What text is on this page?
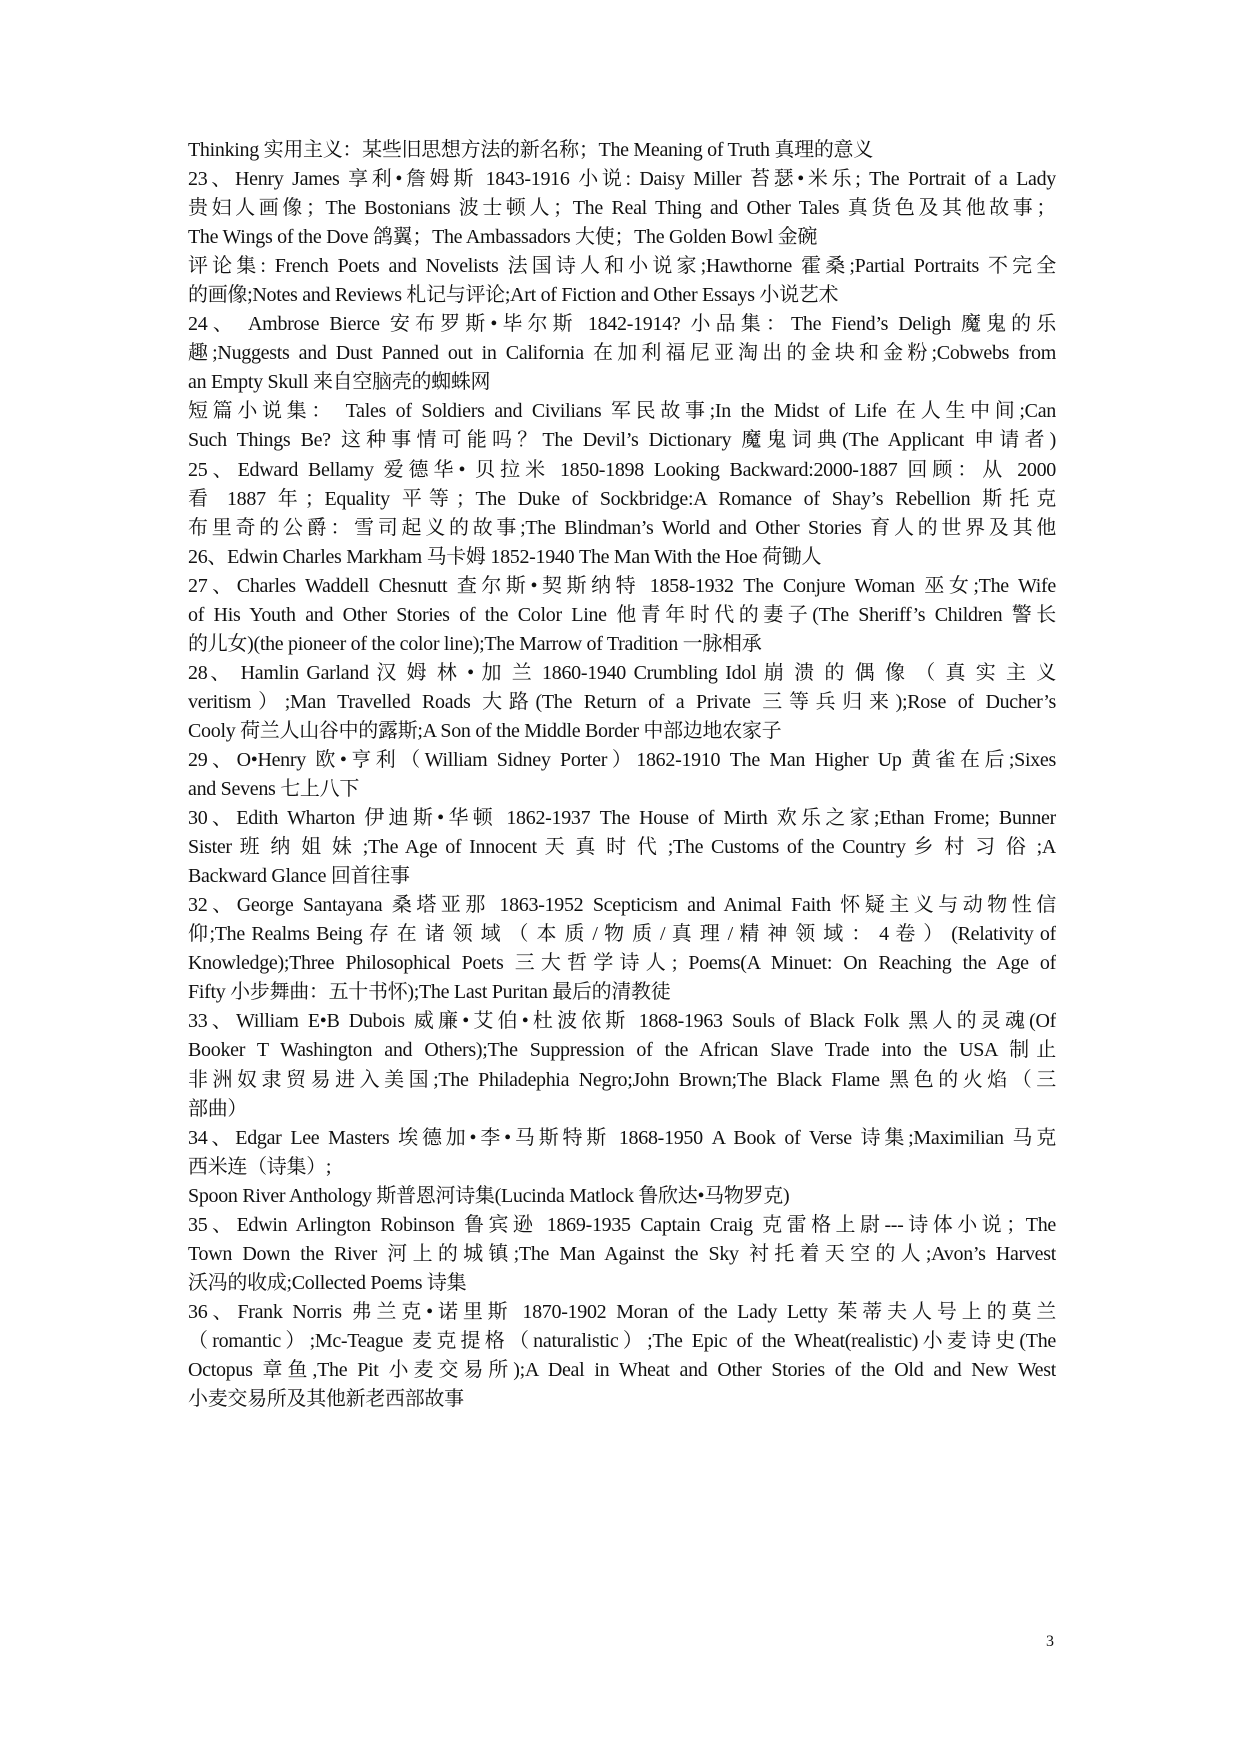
Thinking 实用主义：某些旧思想方法的新名称；The Meaning of Truth 真理的意义
23、Henry James 享利•詹姆斯 1843-1916 小说: Daisy Miller 苔瑟•米乐; The Portrait of a Lady
贵妇人画像；The Bostonians 波士顿人；The Real Thing and Other Tales 真货色及其他故事；
The Wings of the Dove 鸽翼；The Ambassadors 大使；The Golden Bowl 金碗
评论集: French Poets and Novelists 法国诗人和小说家;Hawthorne 霍桑;Partial Portraits 不完全
的画像;Notes and Reviews 札记与评论;Art of Fiction and Other Essays 小说艺术
24、 Ambrose Bierce 安布罗斯•毕尔斯 1842-1914? 小品集：The Fiend’s Deligh 魔鬼的乐
趣;Nuggests and Dust Panned out in California 在加利福尼亚淘出的金块和金粉;Cobwebs from
an Empty Skull 来自空脑壳的蜘蛛网
短篇小说集： Tales of Soldiers and Civilians 军民故事;In the Midst of Life 在人生中间;Can
Such Things Be? 这种事情可能吗？The Devil’s Dictionary 魔鬼词典(The Applicant 申请者)
25、Edward Bellamy 爱德华• 贝拉米 1850-1898 Looking Backward:2000-1887 回顾：从 2000
看 1887 年；Equality 平等；The Duke of Sockbridge:A Romance of Shay’s Rebellion 斯托克
布里奇的公爵：雪司起义的故事;The Blindman’s World and Other Stories 育人的世界及其他
26、Edwin Charles Markham 马卡姆 1852-1940 The Man With the Hoe 荷锄人
27、Charles Waddell Chesnutt 查尔斯•契斯纳特 1858-1932 The Conjure Woman 巫女;The Wife
of His Youth and Other Stories of the Color Line 他青年时代的妻子(The Sheriff’s Children 警长
的儿女)(the pioneer of the color line);The Marrow of Tradition 一脉相承
28、 Hamlin Garland 汉 姆 林 • 加 兰 1860-1940 Crumbling Idol 崩 溃 的 偶 像 （ 真 实 主 义
veritism）;Man Travelled Roads 大路(The Return of a Private 三等兵归来);Rose of Ducher’s
Cooly 荷兰人山谷中的露斯;A Son of the Middle Border 中部边地农家子
29、O•Henry 欧•亨利（William Sidney Porter）1862-1910 The Man Higher Up 黄雀在后;Sixes
and Sevens 七上八下
30、Edith Wharton 伊迪斯•华顿 1862-1937 The House of Mirth 欢乐之家;Ethan Frome; Bunner
Sister 班 纳 姐 妹 ;The Age of Innocent 天 真 时 代 ;The Customs of the Country 乡 村 习 俗 ;A
Backward Glance 回首往事
32、George Santayana 桑塔亚那 1863-1952 Scepticism and Animal Faith 怀疑主义与动物性信
仰;The Realms Being 存 在 诸 领 域 （ 本 质 / 物 质 / 真 理 / 精 神 领 域 ： 4 卷 ） (Relativity of
Knowledge);Three Philosophical Poets 三大哲学诗人; Poems(A Minuet: On Reaching the Age of
Fifty 小步舞曲：五十书怀);The Last Puritan 最后的清教徒
33、William E•B Dubois 威廉•艾伯•杜波依斯 1868-1963 Souls of Black Folk 黑人的灵魂(Of
Booker T Washington and Others);The Suppression of the African Slave Trade into the USA 制止
非洲奴隶贸易进入美国;The Philadephia Negro;John Brown;The Black Flame 黑色的火焰（三
部曲）
34、Edgar Lee Masters 埃德加•李•马斯特斯 1868-1950 A Book of Verse 诗集;Maximilian 马克
西米连（诗集）;
Spoon River Anthology 斯普恩河诗集(Lucinda Matlock 鲁欣达•马物罗克)
35、Edwin Arlington Robinson 鲁宾逊 1869-1935 Captain Craig 克雷格上尉---诗体小说；The
Town Down the River 河上的城镇;The Man Against the Sky 衬托着天空的人;Avon’s Harvest
沃冯的收成;Collected Poems 诗集
36、Frank Norris 弗兰克•诺里斯 1870-1902 Moran of the Lady Letty 茱蒂夫人号上的莫兰
（romantic）;Mc-Teague 麦克提格（naturalistic）;The Epic of the Wheat(realistic)小麦诗史(The
Octopus 章鱼,The Pit 小麦交易所);A Deal in Wheat and Other Stories of the Old and New West
小麦交易所及其他新老西部故事
3
